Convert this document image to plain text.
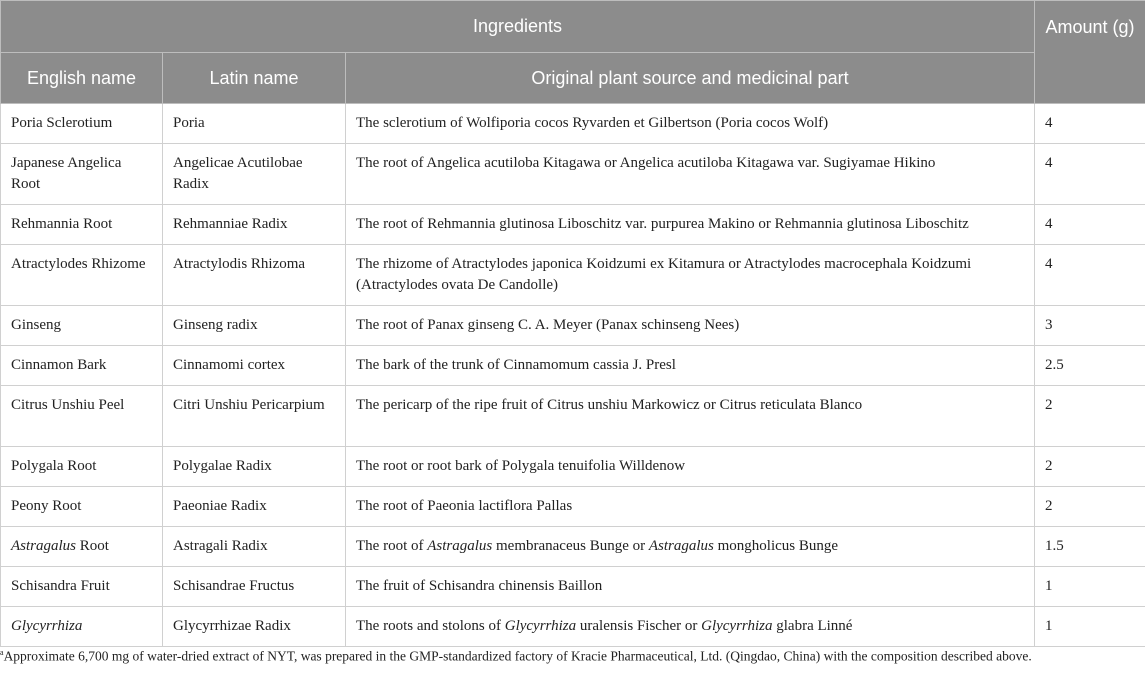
Ingredients			Amount (g)
English name	Latin name	Original plant source and medicinal part	
Poria Sclerotium	Poria	The sclerotium of Wolfiporia cocos Ryvarden et Gilbertson (Poria cocos Wolf)	4
Japanese Angelica Root	Angelicae Acutilobae Radix	The root of Angelica acutiloba Kitagawa or Angelica acutiloba Kitagawa var. Sugiyamae Hikino	4
Rehmannia Root	Rehmanniae Radix	The root of Rehmannia glutinosa Liboschitz var. purpurea Makino or Rehmannia glutinosa Liboschitz	4
Atractylodes Rhizome	Atractylodis Rhizoma	The rhizome of Atractylodes japonica Koidzumi ex Kitamura or Atractylodes macrocephala Koidzumi (Atractylodes ovata De Candolle)	4
Ginseng	Ginseng radix	The root of Panax ginseng C. A. Meyer (Panax schinseng Nees)	3
Cinnamon Bark	Cinnamomi cortex	The bark of the trunk of Cinnamomum cassia J. Presl	2.5
Citrus Unshiu Peel	Citri Unshiu Pericarpium	The pericarp of the ripe fruit of Citrus unshiu Markowicz or Citrus reticulata Blanco	2
Polygala Root	Polygalae Radix	The root or root bark of Polygala tenuifolia Willdenow	2
Peony Root	Paeoniae Radix	The root of Paeonia lactiflora Pallas	2
Astragalus Root	Astragali Radix	The root of Astragalus membranaceus Bunge or Astragalus mongholicus Bunge	1.5
Schisandra Fruit	Schisandrae Fructus	The fruit of Schisandra chinensis Baillon	1
Glycyrrhiza	Glycyrrhizae Radix	The roots and stolons of Glycyrrhiza uralensis Fischer or Glycyrrhiza glabra Linné	1
$^a$Approximate 6,700 mg of water-dried extract of NYT, was prepared in the GMP-standardized factory of Kracie Pharmaceutical, Ltd. (Qingdao, China) with the composition described above.
